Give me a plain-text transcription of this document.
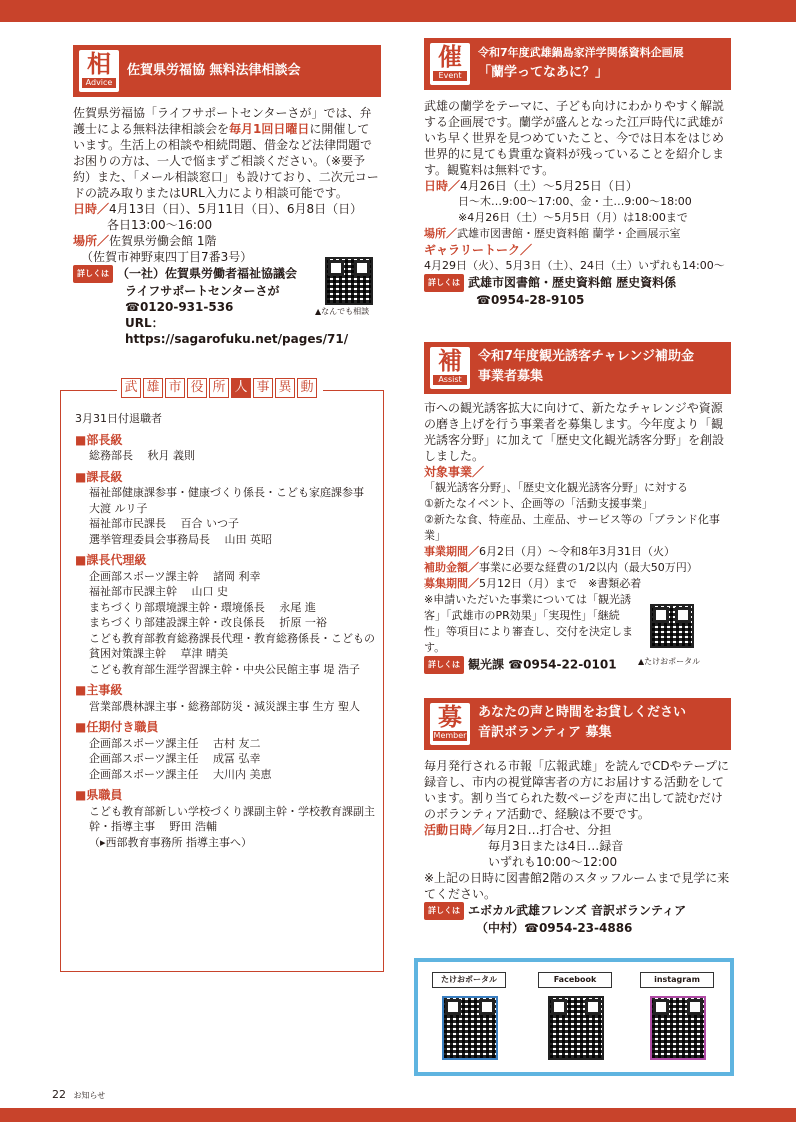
相
Advice
佐賀県労福協 無料法律相談会
佐賀県労福協「ライフサポートセンターさが」では、弁護士による無料法律相談会を毎月1回日曜日に開催しています。生活上の相談や相続問題、借金など法律問題でお困りの方は、一人で悩まずご相談ください。（※要予約）また、「メール相談窓口」も設けており、二次元コードの読み取りまたはURL入力により相談可能です。
日時／4月13日（日）、5月11日（日）、6月8日（日）
各日13:00～16:00
場所／佐賀県労働会館 1階
（佐賀市神野東四丁目7番3号）
詳しくは （一社）佐賀県労働者福祉協議会
ライフサポートセンターさが
☎0120-931-536
URL：https://sagarofuku.net/pages/71/
▲なんでも相談
武 雄 市 役 所 人 事 異 動
3月31日付退職者
■部長級
総務部長　 秋月 義則
■課長級
福祉部健康課参事・健康づくり係長・こども家庭課参事　 大渡 ルリ子
福祉部市民課長　 百合 いつ子
選挙管理委員会事務局長　 山田 英昭
■課長代理級
企画部スポーツ課主幹　 諸岡 利幸
福祉部市民課主幹　 山口 史
まちづくり部環境課主幹・環境係長　 永尾 進
まちづくり部建設課主幹・改良係長　 折原 一裕
こども教育部教育総務課長代理・教育総務係長・こどもの貧困対策課主幹　 草津 晴美
こども教育部生涯学習課主幹・中央公民館主事 堤 浩子
■主事級
営業部農林課主事・総務部防災・減災課主事 生方 聖人
■任期付き職員
企画部スポーツ課主任　 古村 友二
企画部スポーツ課主任　 成冨 弘幸
企画部スポーツ課主任　 大川内 美恵
■県職員
こども教育部新しい学校づくり課副主幹・学校教育課副主幹・指導主事　 野田 浩輔
（▸西部教育事務所 指導主事へ）
催
Event
令和7年度武雄鍋島家洋学関係資料企画展
「蘭学ってなあに？」
武雄の蘭学をテーマに、子ども向けにわかりやすく解説する企画展です。蘭学が盛んとなった江戸時代に武雄がいち早く世界を見つめていたこと、今では日本をはじめ世界的に見ても貴重な資料が残っていることを紹介します。観覧料は無料です。
日時／4月26日（土）～5月25日（日）
日～木…9:00～17:00、金・土…9:00～18:00
※4月26日（土）～5月5日（月）は18:00まで
場所／武雄市図書館・歴史資料館 蘭学・企画展示室
ギャラリートーク／
4月29日（火）、5月3日（土）、24日（土）いずれも14:00～
詳しくは 武雄市図書館・歴史資料館 歴史資料係
☎0954-28-9105
補
Assist
令和7年度観光誘客チャレンジ補助金
事業者募集
市への観光誘客拡大に向けて、新たなチャレンジや資源の磨き上げを行う事業者を募集します。今年度より「観光誘客分野」に加えて「歴史文化観光誘客分野」を創設しました。
対象事業／
「観光誘客分野」、「歴史文化観光誘客分野」に対する
①新たなイベント、企画等の「活動支援事業」
②新たな食、特産品、土産品、サービス等の「ブランド化事業」
事業期間／6月2日（月）～令和8年3月31日（火）
補助金額／事業に必要な経費の1/2以内（最大50万円）
募集期間／5月12日（月）まで　※書類必着
※申請いただいた事業については「観光誘客」「武雄市のPR効果」「実現性」「継続性」等項目により審査し、交付を決定します。
詳しくは 観光課 ☎0954-22-0101	▲たけおポータル
募
Member
あなたの声と時間をお貸しください
音訳ボランティア 募集
毎月発行される市報「広報武雄」を読んでCDやテープに録音し、市内の視覚障害者の方にお届けする活動をしています。割り当てられた数ページを声に出して読むだけのボランティア活動で、経験は不要です。
活動日時／毎月2日…打合せ、分担
毎月3日または4日…録音
いずれも10:00～12:00
※上記の日時に図書館2階のスタッフルームまで見学に来てください。
詳しくは エボカル武雄フレンズ 音訳ボランティア
（中村）☎0954-23-4886
たけおポータル	Facebook	instagram
22 お知らせ
